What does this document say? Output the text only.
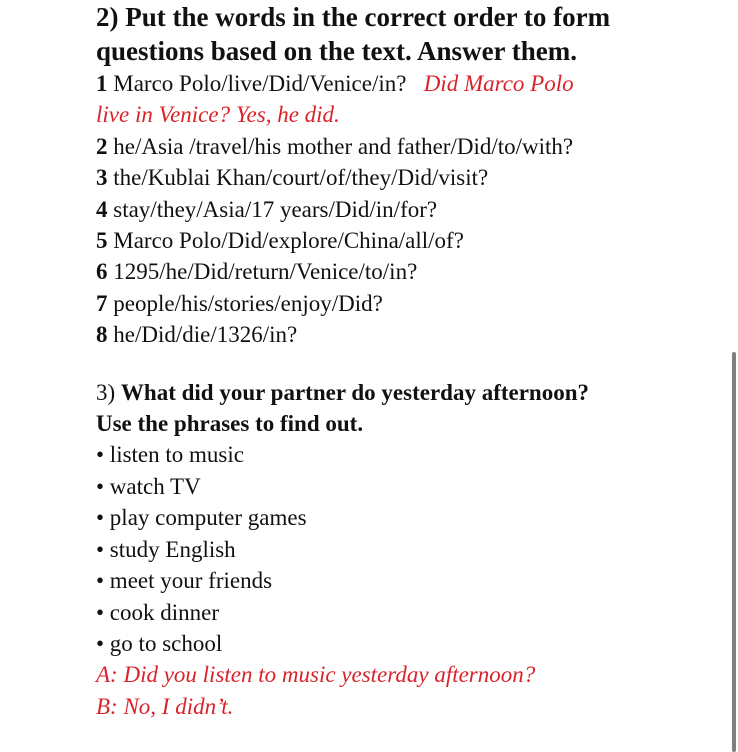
2) Put the words in the correct order to form
questions based on the text. Answer them.
1 Marco Polo/live/Did/Venice/in? Did Marco Polo
live in Venice? Yes, he did.
2 he/Asia /travel/his mother and father/Did/to/with?
3 the/Kublai Khan/court/of/they/Did/visit?
4 stay/they/Asia/17 years/Did/in/for?
5 Marco Polo/Did/explore/China/all/of?
6 1295/he/Did/return/Venice/to/in?
7 people/his/stories/enjoy/Did?
8 he/Did/die/1326/in?
3) What did your partner do yesterday afternoon?
Use the phrases to find out.
• listen to music
• watch TV
• play computer games
• study English
• meet your friends
• cook dinner
• go to school
A: Did you listen to music yesterday afternoon?
B: No, I didn’t.
